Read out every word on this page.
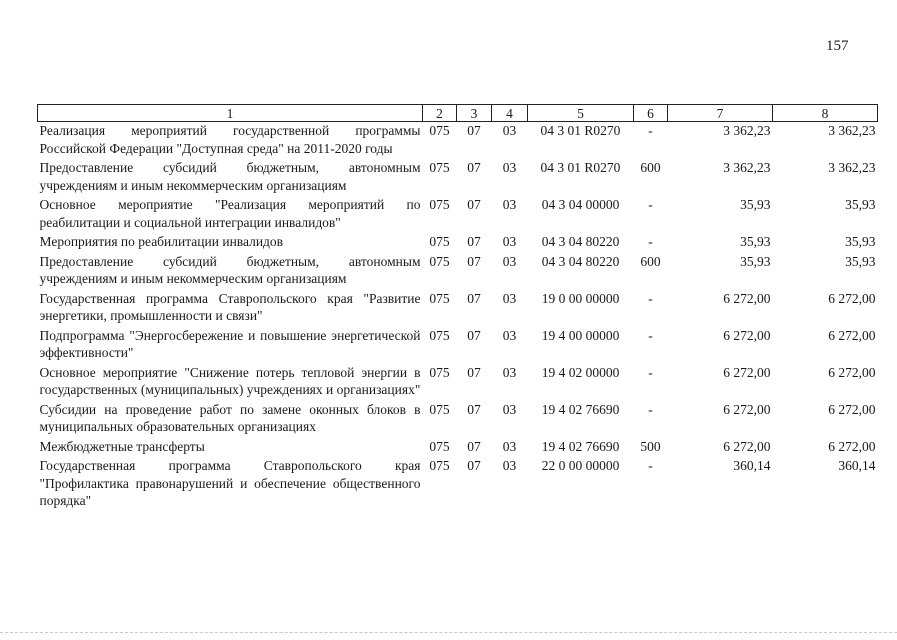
157
1	2	3	4	5	6	7	8
Реализация мероприятий государственной программы Российской Федерации "Доступная среда" на 2011-2020 годы	075	07	03	04 3 01 R0270	-	3 362,23	3 362,23
Предоставление субсидий бюджетным, автономным учреждениям и иным некоммерческим организациям	075	07	03	04 3 01 R0270	600	3 362,23	3 362,23
Основное мероприятие "Реализация мероприятий по реабилитации и социальной интеграции инвалидов"	075	07	03	04 3 04 00000	-	35,93	35,93
Мероприятия по реабилитации инвалидов	075	07	03	04 3 04 80220	-	35,93	35,93
Предоставление субсидий бюджетным, автономным учреждениям и иным некоммерческим организациям	075	07	03	04 3 04 80220	600	35,93	35,93
Государственная программа Ставропольского края "Развитие энергетики, промышленности и связи"	075	07	03	19 0 00 00000	-	6 272,00	6 272,00
Подпрограмма "Энергосбережение и повышение энергетической эффективности"	075	07	03	19 4 00 00000	-	6 272,00	6 272,00
Основное мероприятие "Снижение потерь тепловой энергии в государственных (муниципальных) учреждениях и организациях"	075	07	03	19 4 02 00000	-	6 272,00	6 272,00
Субсидии на проведение работ по замене оконных блоков в муниципальных образовательных организациях	075	07	03	19 4 02 76690	-	6 272,00	6 272,00
Межбюджетные трансферты	075	07	03	19 4 02 76690	500	6 272,00	6 272,00
Государственная программа Ставропольского края "Профилактика правонарушений и обеспечение общественного порядка"	075	07	03	22 0 00 00000	-	360,14	360,14
